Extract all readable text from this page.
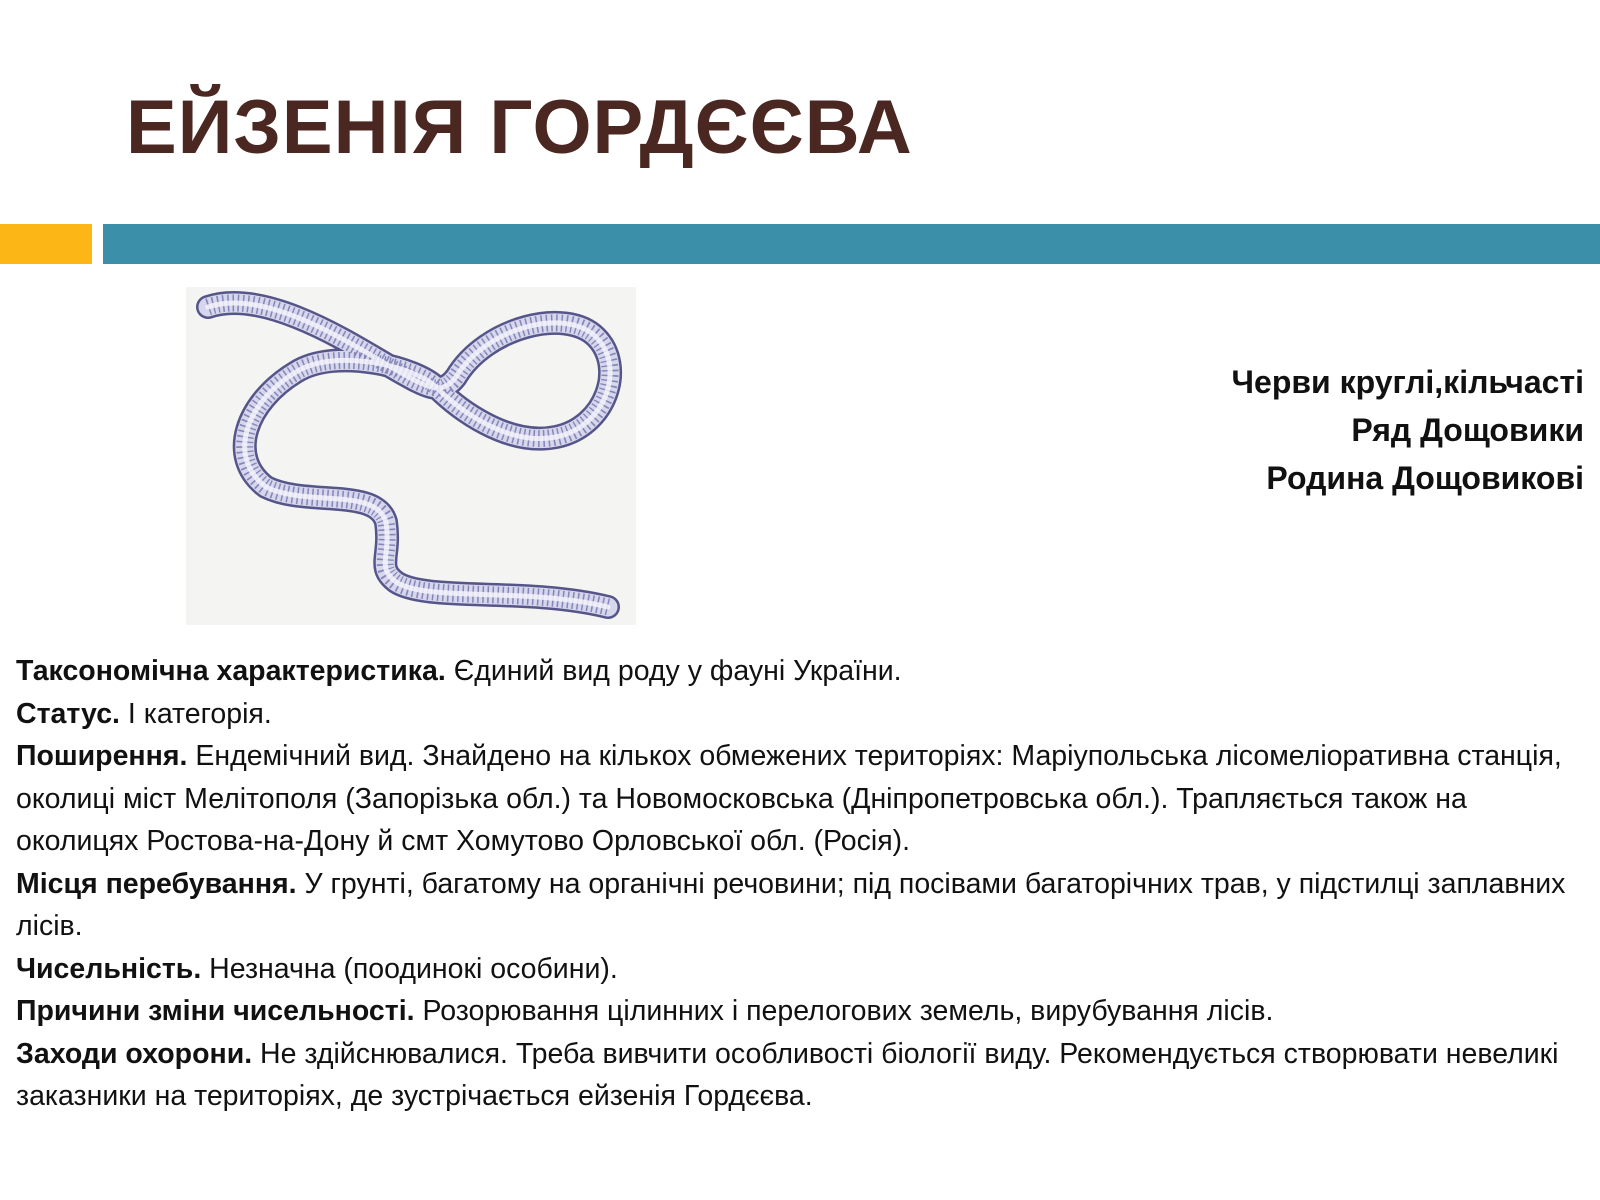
ЕЙЗЕНІЯ ГОРДЄЄВА
Черви круглі,кільчасті
Ряд Дощовики
Родина Дощовикові

Таксономічна характеристика. Єдиний вид роду у фауні України.

Статус. I категорія.

Поширення. Ендемічний вид. Знайдено на кількох обмежених територіях: Маріупольська лісомеліоративна станція, околиці міст Мелітополя (Запорізька обл.) та Новомосковська (Дніпропетровська обл.). Трапляється також на околицях Ростова-на-Дону й смт Хомутово Орловської обл. (Росія).

Місця перебування. У грунті, багатому на органічні речовини; під посівами багаторічних трав, у підстилці заплавних лісів.

Чисельність. Незначна (поодинокі особини).

Причини зміни чисельності. Розорювання цілинних і перелогових земель, вирубування лісів.

Заходи охорони. Не здійснювалися. Треба вивчити особливості біології виду. Рекомендується створювати невеликі заказники на територіях, де зустрічається ейзенія Гордєєва.
